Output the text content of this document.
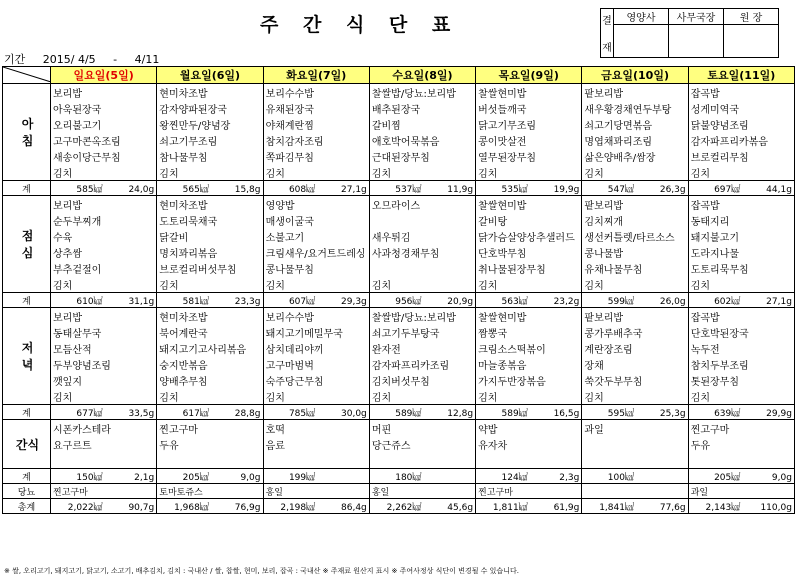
주 간 식 단 표	결
재	영양사	사무국장	원 장

기간 2015/ 4/5 - 4/11
	일요일(5일)	월요일(6일)	화요일(7일)	수요일(8일)	목요일(9일)	금요일(10일)	토요일(11일)
아
침	보리밥	현미차조밥	보리수수밥	찰쌀밥/당뇨:보리밥	찰쌀현미밥	팥보리밥	잡곡밥
	아욱된장국	감자양파된장국	유채된장국	배추된장국	버섯들깨국	새우황경채연두부탕	성게미역국
	오리불고기	왕찐만두/양념장	야채계란찜	갈비찜	닭고기무조림	쇠고기당면볶음	닭불양념조림
	고구마콘옥조림	쇠고기무조림	참치감자조림	애호박어묵볶음	콩이맛살전	명엽채꽈리조림	감자파프리카볶음
	새송이당근무침	참나물무침	쪽파김무침	근대된장무침	열무된장무침	삶은양배추/쌈장	브로컬리무침
	김치	김치	김치	김치	김치	김치	김치
계	585㎉ 24,0g	565㎉ 15,8g	608㎉ 27,1g	537㎉ 11,9g	535㎉ 19,9g	547㎉ 26,3g	697㎉ 44,1g
점
심	보리밥	현미차조밥	영양밥	오므라이스	찰쌀현미밥	팥보리밥	잡곡밥
	순두부찌개	도토리묵채국	매생이굴국		갈비탕	김치찌개	동태지리
	수육	닭갈비	소불고기	새우튀김	닭가슴살양상추샐러드	생선커틀렛/타르소스	돼지불고기
	상추쌈	명치꽈리볶음	크림새우/요거트드레싱	사과청경채무침	단호박무침	콩나물밥	도라지나물
	부추겉절이	브로컬리버섯무침	콩나물무침		취나물된장무침	유채나물무침	도토리묵무침
	김치	김치	김치	김치	김치	김치	김치
계	610㎉ 31,1g	581㎉ 23,3g	607㎉ 29,3g	956㎉ 20,9g	563㎉ 23,2g	599㎉ 26,0g	602㎉ 27,1g
저
녁	보리밥	현미차조밥	보리수수밥	찰쌀밥/당뇨:보리밥	찰쌀현미밥	팥보리밥	잡곡밥
	동태살무국	북어계란국	돼지고기메밀무국	쇠고기두부탕국	짬뽕국	콩가루배추국	단호박된장국
	모듬산적	돼지고기고사리볶음	삼치데리야끼	완자전	크림소스떡볶이	계란장조림	녹두전
	두부양념조림	숭지반볶음	고구마범벅	감자파프리카조림	마늘종볶음	장채	참치두부조림
	깻잎지	양배추무침	숙주당근무침	김치버섯무침	가지두반장볶음	쑥갓두부무침	톳된장무침
	김치	김치	김치	김치	김치	김치	김치
계	677㎉ 33,5g	617㎉ 28,8g	785㎉ 30,0g	589㎉ 12,8g	589㎉ 16,5g	595㎉ 25,3g	639㎉ 29,9g
간식	시폰카스테라	찐고구마	호떡	머핀	약밥	과일	찐고구마
	요구르트	두유	음료	당근쥬스	유자차		두유

계	150㎉ 2,1g	205㎉ 9,0g	199㎉	180㎉	124㎉ 2,3g	100㎉	205㎉ 9,0g
당뇨	찐고구마	토마토쥬스	홍일	홍일	찐고구마		과일
총계	2,022㎉ 90,7g	1,968㎉ 76,9g	2,198㎉ 86,4g	2,262㎉ 45,6g	1,811㎉ 61,9g	1,841㎉ 77,6g	2,143㎉ 110,0g
※ 쌀, 오리고기, 돼지고기, 닭고기, 소고기, 배추김치, 김치 : 국내산 / 쌀, 찹쌀, 현미, 보리, 잡곡 : 국내산 ※ 주재료 원산지 표시 ※ 주여사정상 식단이 변경될 수 있습니다.
